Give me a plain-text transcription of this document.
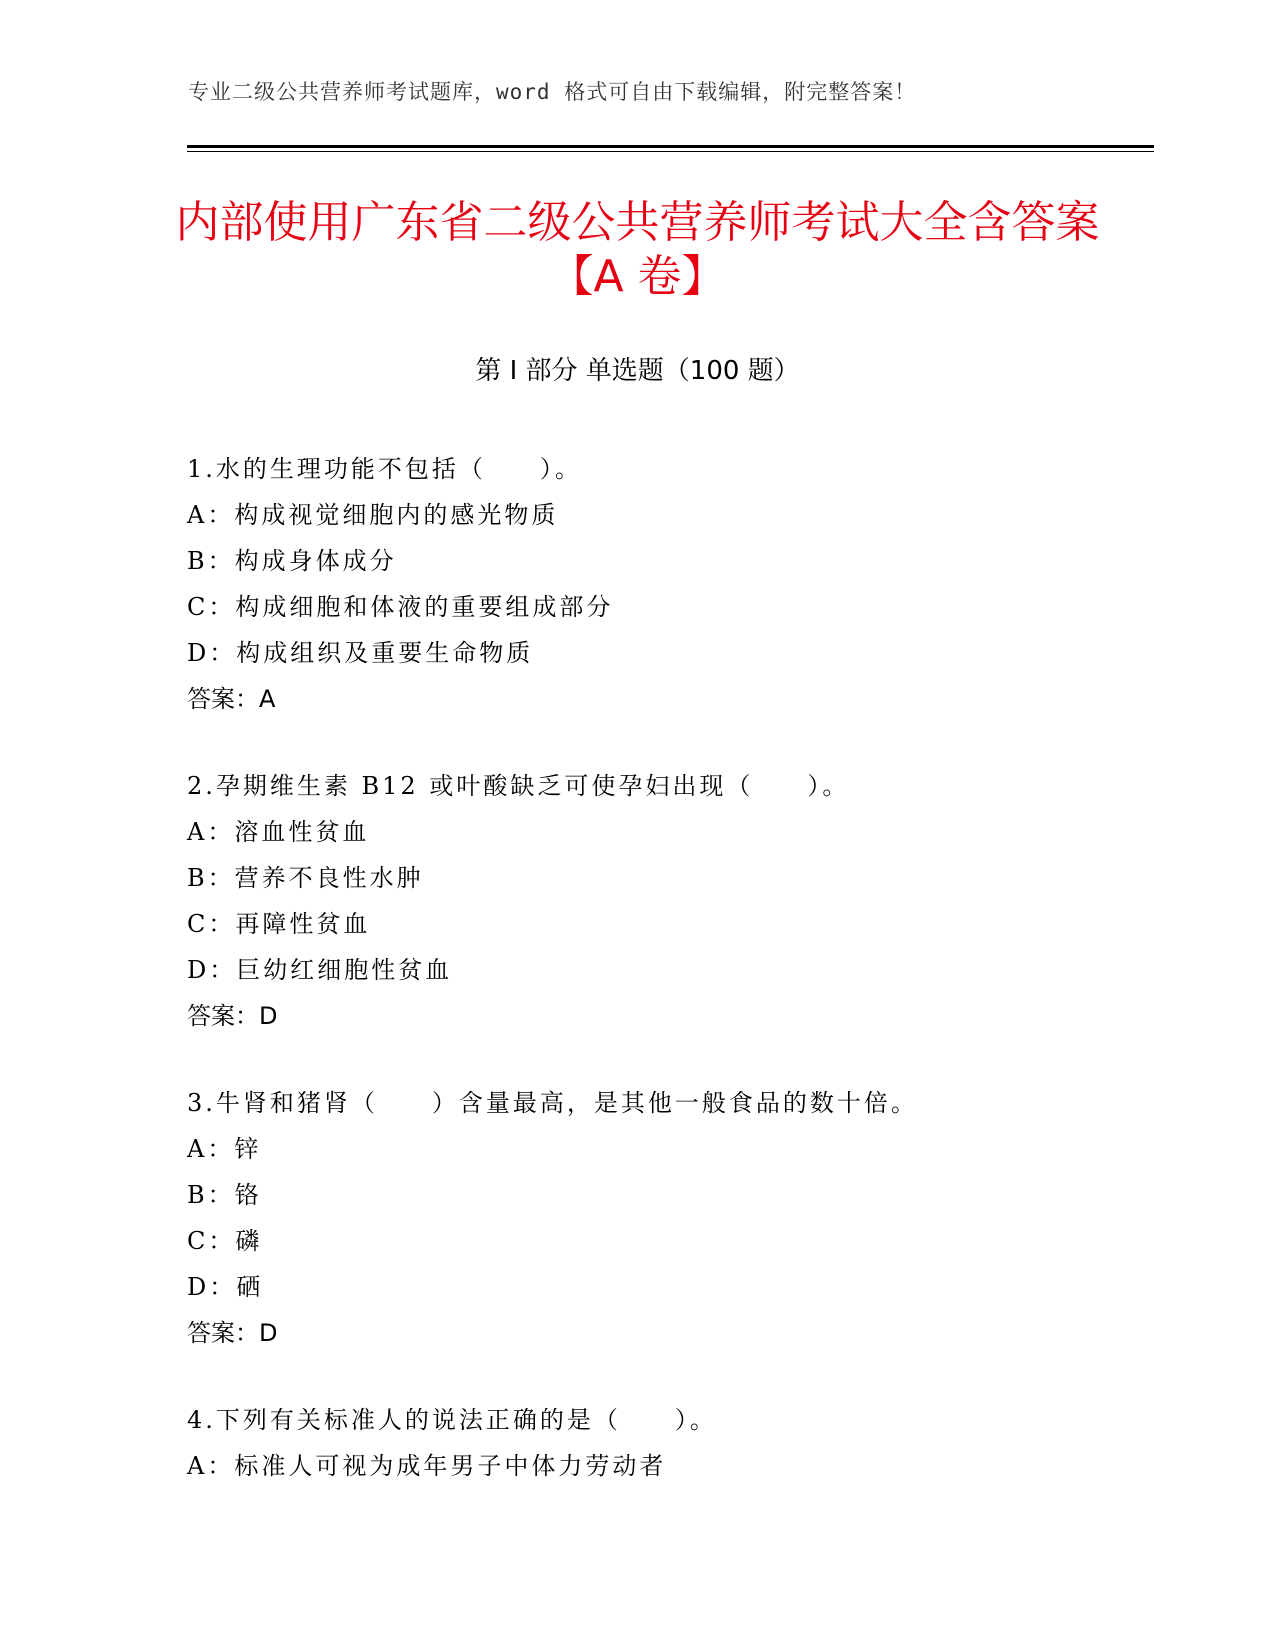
专业二级公共营养师考试题库，word 格式可自由下载编辑，附完整答案！
内部使用广东省二级公共营养师考试大全含答案【A 卷】
第 I 部分 单选题（100 题）
1.水的生理功能不包括（　　）。
A：构成视觉细胞内的感光物质
B：构成身体成分
C：构成细胞和体液的重要组成部分
D：构成组织及重要生命物质
答案：A
2.孕期维生素 B12 或叶酸缺乏可使孕妇出现（　　）。
A：溶血性贫血
B：营养不良性水肿
C：再障性贫血
D：巨幼红细胞性贫血
答案：D
3.牛肾和猪肾（　　）含量最高，是其他一般食品的数十倍。
A：锌
B：铬
C：磷
D：硒
答案：D
4.下列有关标准人的说法正确的是（　　）。
A：标准人可视为成年男子中体力劳动者
